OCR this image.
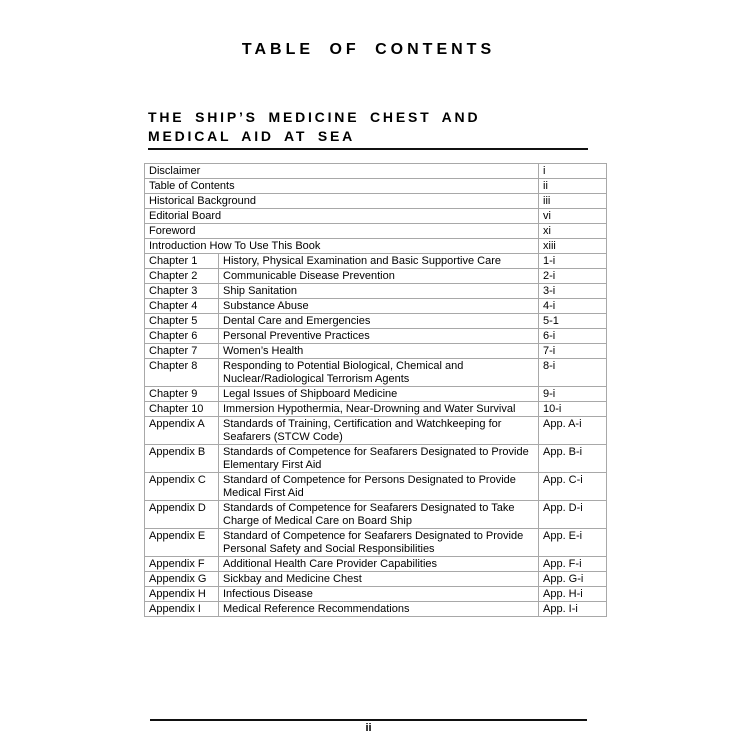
TABLE OF CONTENTS
THE SHIP’S MEDICINE CHEST AND
MEDICAL AID AT SEA
Disclaimer		i
Table of Contents		ii
Historical Background		iii
Editorial Board		vi
Foreword		xi
Introduction How To Use This Book		xiii
Chapter 1	History, Physical Examination and Basic Supportive Care	1-i
Chapter 2	Communicable Disease Prevention	2-i
Chapter 3	Ship Sanitation	3-i
Chapter 4	Substance Abuse	4-i
Chapter 5	Dental Care and Emergencies	5-1
Chapter 6	Personal Preventive Practices	6-i
Chapter 7	Women’s Health	7-i
Chapter 8	Responding to Potential Biological, Chemical and Nuclear/Radiological Terrorism Agents	8-i
Chapter 9	Legal Issues of Shipboard Medicine	9-i
Chapter 10	Immersion Hypothermia, Near-Drowning and Water Survival	10-i
Appendix A	Standards of Training, Certification and Watchkeeping for Seafarers (STCW Code)	App. A-i
Appendix B	Standards of Competence for Seafarers Designated to Provide Elementary First Aid	App. B-i
Appendix C	Standard of Competence for Persons Designated to Provide Medical First Aid	App. C-i
Appendix D	Standards of Competence for Seafarers Designated to Take Charge of Medical Care on Board Ship	App. D-i
Appendix E	Standard of Competence for Seafarers Designated to Provide Personal Safety and Social Responsibilities	App. E-i
Appendix F	Additional Health Care Provider Capabilities	App. F-i
Appendix G	Sickbay and Medicine Chest	App. G-i
Appendix H	Infectious Disease	App. H-i
Appendix I	Medical Reference Recommendations	App. I-i
ii
